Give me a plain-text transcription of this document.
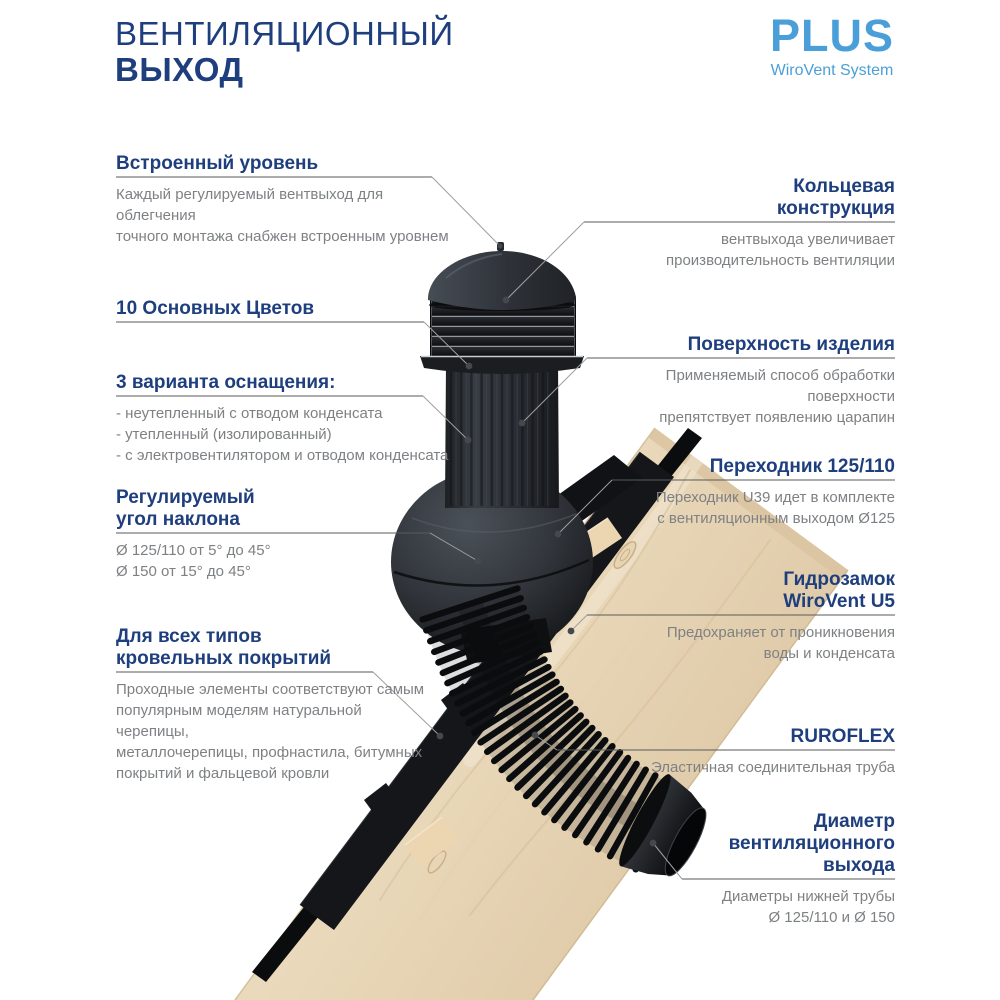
ВЕНТИЛЯЦИОННЫЙ
ВЫХОД
PLUS
WiroVent System
Встроенный уровень
Каждый регулируемый вентвыход для облегчения
точного монтажа снабжен встроенным уровнем
10 Основных Цветов
3 варианта оснащения:
- неутепленный с отводом конденсата
- утепленный (изолированный)
- с электровентилятором и отводом конденсата
Регулируемый
угол наклона
Ø 125/110 от 5° до 45°
Ø 150 от 15° до 45°
Для всех типов
кровельных покрытий
Проходные элементы соответствуют самым
популярным моделям натуральной черепицы,
металлочерепицы, профнастила, битумных
покрытий и фальцевой кровли
Кольцевая
конструкция
вентвыхода увеличивает
производительность вентиляции
Поверхность изделия
Применяемый способ обработки поверхности
препятствует появлению царапин
Переходник 125/110
Переходник U39 идет в комплекте
с вентиляционным выходом Ø125
Гидрозамок
WiroVent U5
Предохраняет от проникновения
воды и конденсата
RUROFLEX
Эластичная соединительная труба
Диаметр
вентиляционного
выхода
Диаметры нижней трубы
Ø 125/110 и Ø 150
